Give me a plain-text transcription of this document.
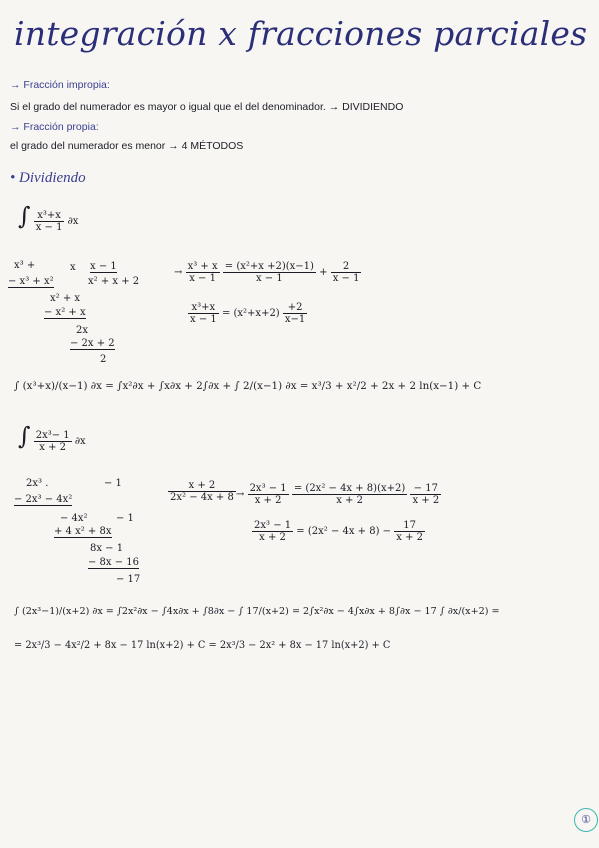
integración x fracciones parciales
→ Fracción impropia:
Si el grado del numerador es mayor o igual que el del denominador. → DIVIDIENDO
→ Fracción propia:
el grado del numerador es menor → 4 MÉTODOS
• Dividiendo
∫ $\frac{\text{x³+x}}{x - 1} \partial x$
x³ +	x x − 1
x² + x + 2
− x³ + x²
x² + x
− x² + x
2x
− 2x + 2
2
→ $\frac{\text{x³ + x}}{x - 1}$
$\frac{\text{= (x²+x +2)(x−1)}}{x - 1} + \frac{2}{x - 1}$
$\frac{\text{x³+x}}{x - 1} = (x^2+x+2) \frac{+2}{x-1}$
∫ (x³+x)/(x−1) ∂x = ∫x²∂x + ∫x∂x + 2∫∂x + ∫ 2/(x−1) ∂x = x³/3 + x²/2 + 2x + 2 ln(x−1) + C
∫ $\frac{\text{2x³− 1}}{x + 2} \partial x$
2x³ .	− 1
− 2x³ − 4x²
− 4x²	− 1
+ 4 x² + 8x
8x − 1
− 8x − 16
− 17
$\frac{x + 2}{\text{2x² − 4x + 8}} \to \frac{\text{2x³ − 1}}{x + 2}$
$\frac{\text{= (2x² − 4x + 8)(x+2)}}{x + 2}$
$\frac{- 17}{x + 2}$
$\frac{\text{2x³ − 1}}{x + 2} = (2x^2 - 4x + 8) - \frac{17}{x + 2}$
∫ (2x³−1)/(x+2) ∂x = ∫2x²∂x − ∫4x∂x + ∫8∂x − ∫ 17/(x+2) = 2∫x²∂x − 4∫x∂x + 8∫∂x − 17 ∫ ∂x/(x+2) =
= 2x³/3 − 4x²/2 + 8x − 17 ln(x+2) + C = 2x³/3 − 2x² + 8x − 17 ln(x+2) + C
①
